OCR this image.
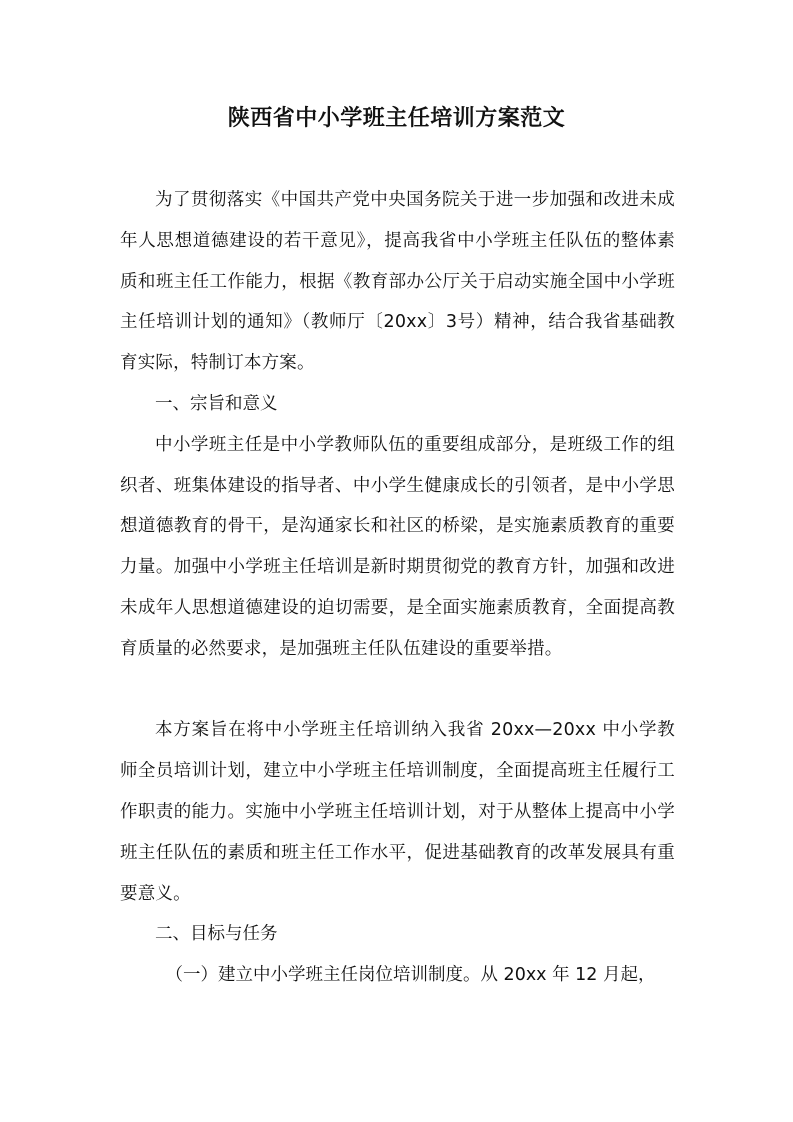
陕西省中小学班主任培训方案范文

为了贯彻落实《中国共产党中央国务院关于进一步加强和改进未成年人思想道德建设的若干意见》，提高我省中小学班主任队伍的整体素质和班主任工作能力，根据《教育部办公厅关于启动实施全国中小学班主任培训计划的通知》（教师厅〔20xx〕3号）精神，结合我省基础教育实际，特制订本方案。

一、宗旨和意义

中小学班主任是中小学教师队伍的重要组成部分，是班级工作的组织者、班集体建设的指导者、中小学生健康成长的引领者，是中小学思想道德教育的骨干，是沟通家长和社区的桥梁，是实施素质教育的重要力量。加强中小学班主任培训是新时期贯彻党的教育方针，加强和改进未成年人思想道德建设的迫切需要，是全面实施素质教育，全面提高教育质量的必然要求，是加强班主任队伍建设的重要举措。

本方案旨在将中小学班主任培训纳入我省 20xx—20xx 中小学教师全员培训计划，建立中小学班主任培训制度，全面提高班主任履行工作职责的能力。实施中小学班主任培训计划，对于从整体上提高中小学班主任队伍的素质和班主任工作水平，促进基础教育的改革发展具有重要意义。

二、目标与任务

（一）建立中小学班主任岗位培训制度。从 20xx 年 12 月起，
